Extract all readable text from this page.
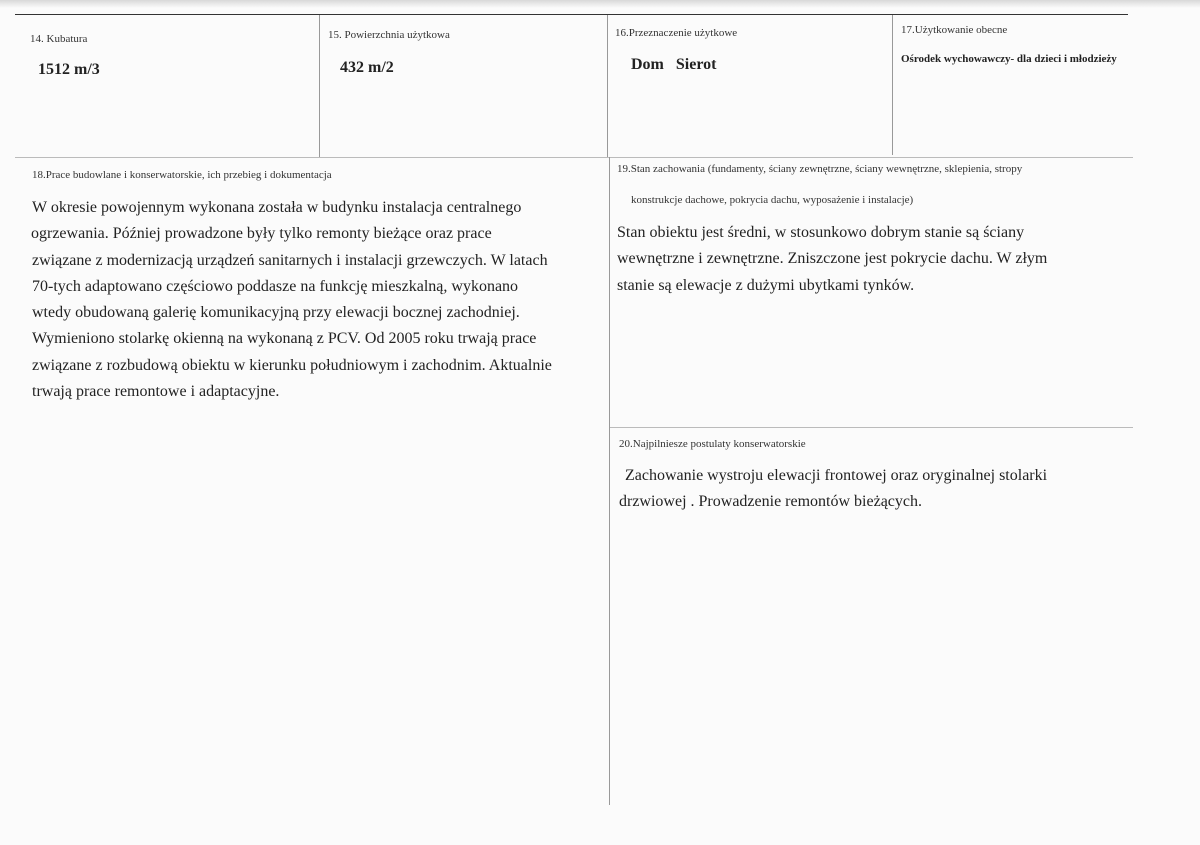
14. Kubatura
1512 m/3
15. Powierzchnia użytkowa
432 m/2
16.Przeznaczenie użytkowe
Dom   Sierot
17.Użytkowanie obecne
Ośrodek wychowawczy- dla dzieci i młodzieży
18.Prace budowlane i konserwatorskie, ich przebieg i dokumentacja
W okresie powojennym wykonana została w budynku instalacja centralnego
ogrzewania. Później prowadzone były tylko remonty bieżące oraz prace
związane z modernizacją urządzeń sanitarnych i instalacji grzewczych. W latach
70-tych adaptowano częściowo poddasze na funkcję mieszkalną, wykonano
wtedy obudowaną galerię komunikacyjną przy elewacji bocznej zachodniej.
Wymieniono stolarkę okienną na wykonaną z PCV. Od 2005 roku trwają prace
związane z rozbudową obiektu w kierunku południowym i zachodnim. Aktualnie
trwają prace remontowe i adaptacyjne.
19.Stan zachowania (fundamenty, ściany zewnętrzne, ściany wewnętrzne, sklepienia, stropy
konstrukcje dachowe, pokrycia dachu, wyposażenie i instalacje)
Stan obiektu jest średni, w stosunkowo dobrym stanie są ściany
wewnętrzne i zewnętrzne. Zniszczone jest pokrycie dachu. W złym
stanie są elewacje z dużymi ubytkami tynków.
20.Najpilniesze postulaty konserwatorskie
Zachowanie wystroju elewacji frontowej oraz oryginalnej stolarki
drzwiowej . Prowadzenie remontów bieżących.
